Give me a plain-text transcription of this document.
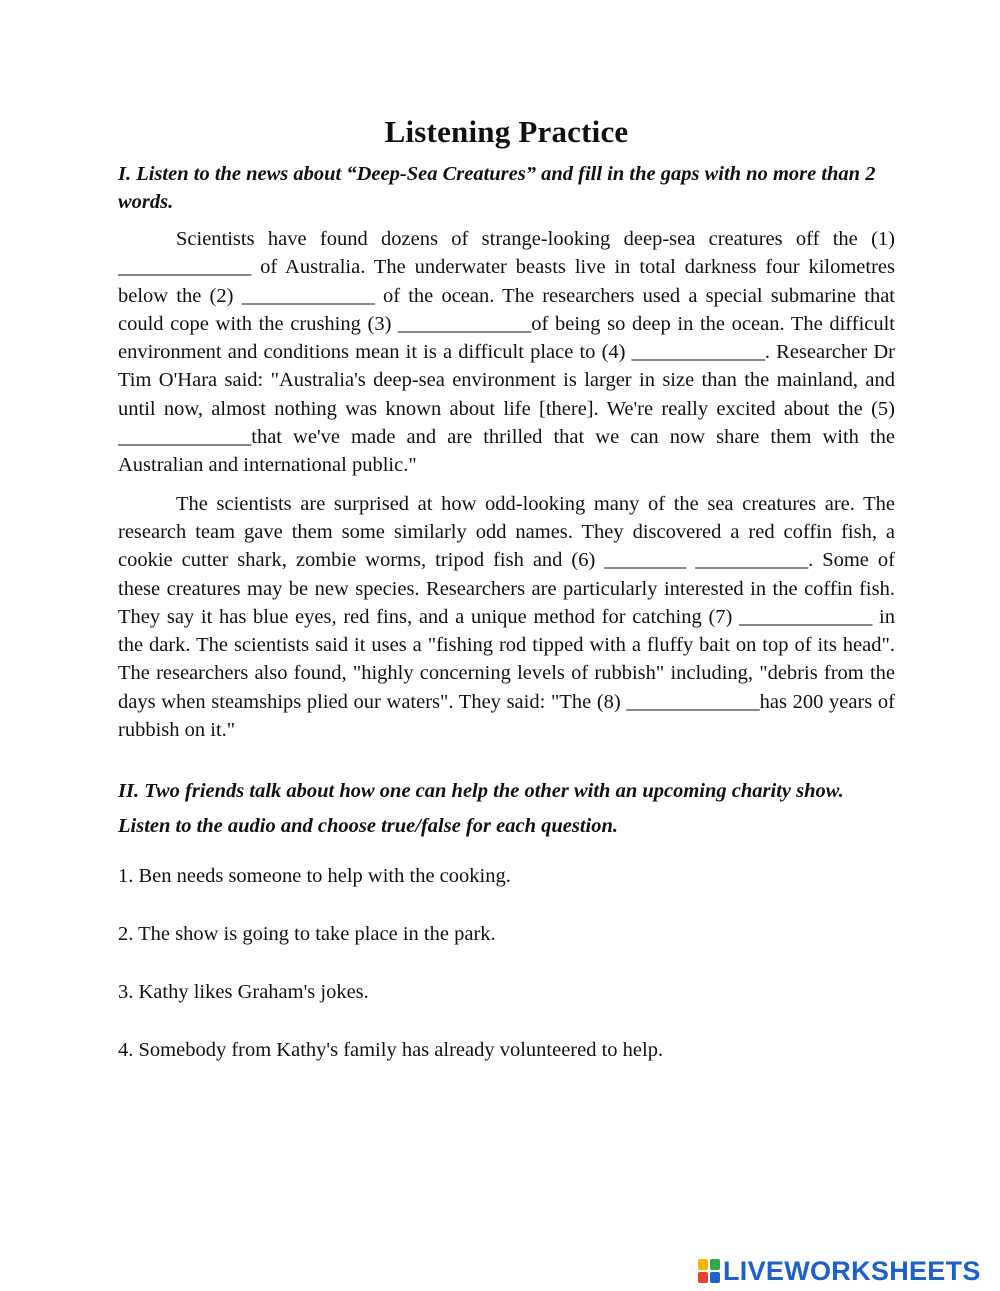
Listening Practice

I. Listen to the news about “Deep-Sea Creatures” and fill in the gaps with no more than 2 words.

Scientists have found dozens of strange-looking deep-sea creatures off the (1) _____________ of Australia. The underwater beasts live in total darkness four kilometres below the (2) _____________ of the ocean. The researchers used a special submarine that could cope with the crushing (3) _____________of being so deep in the ocean. The difficult environment and conditions mean it is a difficult place to (4) _____________. Researcher Dr Tim O'Hara said: "Australia's deep-sea environment is larger in size than the mainland, and until now, almost nothing was known about life [there]. We're really excited about the (5) _____________that we've made and are thrilled that we can now share them with the Australian and international public."

The scientists are surprised at how odd-looking many of the sea creatures are. The research team gave them some similarly odd names. They discovered a red coffin fish, a cookie cutter shark, zombie worms, tripod fish and (6) ________ ___________. Some of these creatures may be new species. Researchers are particularly interested in the coffin fish. They say it has blue eyes, red fins, and a unique method for catching (7) _____________ in the dark. The scientists said it uses a "fishing rod tipped with a fluffy bait on top of its head". The researchers also found, "highly concerning levels of rubbish" including, "debris from the days when steamships plied our waters". They said: "The (8) _____________has 200 years of rubbish on it."

II. Two friends talk about how one can help the other with an upcoming charity show. Listen to the audio and choose true/false for each question.

1. Ben needs someone to help with the cooking.

2. The show is going to take place in the park.

3. Kathy likes Graham's jokes.

4. Somebody from Kathy's family has already volunteered to help.

LIVEWORKSHEETS
